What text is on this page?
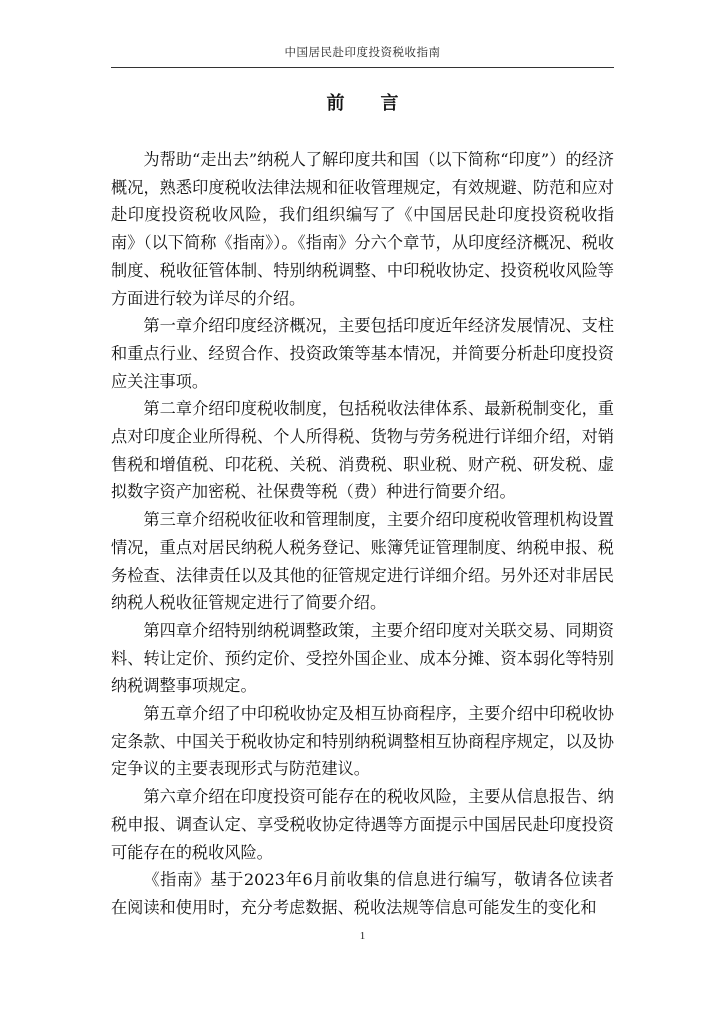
中国居民赴印度投资税收指南
前　　言

为帮助“走出去”纳税人了解印度共和国（以下简称“印度”）的经济概况，熟悉印度税收法律法规和征收管理规定，有效规避、防范和应对赴印度投资税收风险，我们组织编写了《中国居民赴印度投资税收指南》（以下简称《指南》）。《指南》分六个章节，从印度经济概况、税收制度、税收征管体制、特别纳税调整、中印税收协定、投资税收风险等方面进行较为详尽的介绍。

第一章介绍印度经济概况，主要包括印度近年经济发展情况、支柱和重点行业、经贸合作、投资政策等基本情况，并简要分析赴印度投资应关注事项。

第二章介绍印度税收制度，包括税收法律体系、最新税制变化，重点对印度企业所得税、个人所得税、货物与劳务税进行详细介绍，对销售税和增值税、印花税、关税、消费税、职业税、财产税、研发税、虚拟数字资产加密税、社保费等税（费）种进行简要介绍。

第三章介绍税收征收和管理制度，主要介绍印度税收管理机构设置情况，重点对居民纳税人税务登记、账簿凭证管理制度、纳税申报、税务检查、法律责任以及其他的征管规定进行详细介绍。另外还对非居民纳税人税收征管规定进行了简要介绍。

第四章介绍特别纳税调整政策，主要介绍印度对关联交易、同期资料、转让定价、预约定价、受控外国企业、成本分摊、资本弱化等特别纳税调整事项规定。

第五章介绍了中印税收协定及相互协商程序，主要介绍中印税收协定条款、中国关于税收协定和特别纳税调整相互协商程序规定，以及协定争议的主要表现形式与防范建议。

第六章介绍在印度投资可能存在的税收风险，主要从信息报告、纳税申报、调查认定、享受税收协定待遇等方面提示中国居民赴印度投资可能存在的税收风险。

《指南》基于2023年6月前收集的信息进行编写，敬请各位读者在阅读和使用时，充分考虑数据、税收法规等信息可能发生的变化和

1
